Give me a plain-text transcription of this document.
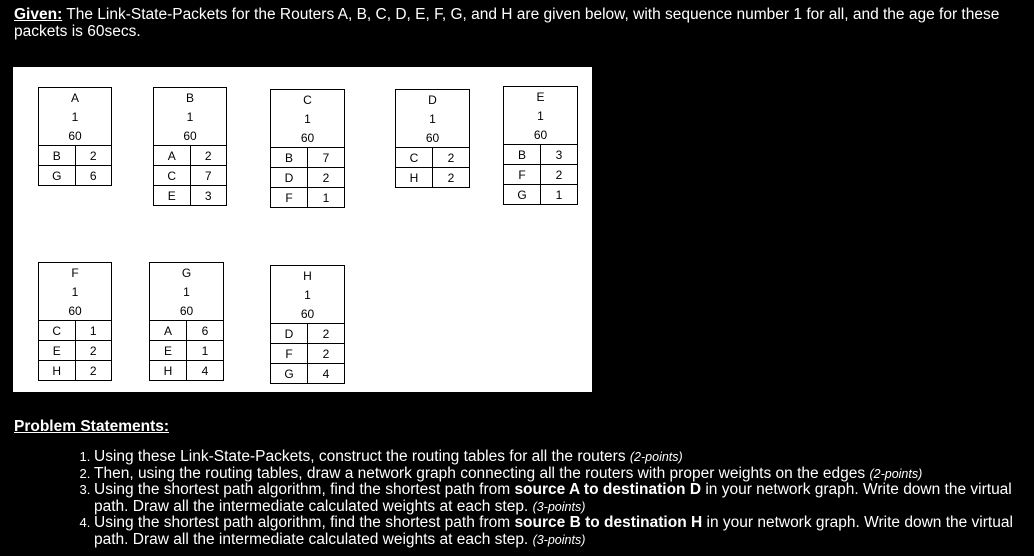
Given: The Link-State-Packets for the Routers A, B, C, D, E, F, G, and H are given below, with sequence number 1 for all, and the age for these packets is 60secs.
A	
1	
60	
B	2
G	6
B	
1	
60	
A	2
C	7
E	3
C	
1	
60	
B	7
D	2
F	1
D	
1	
60	
C	2
H	2
E	
1	
60	
B	3
F	2
G	1
F	
1	
60	
C	1
E	2
H	2
G	
1	
60	
A	6
E	1
H	4
H	
1	
60	
D	2
F	2
G	4
Problem Statements:
1. Using these Link-State-Packets, construct the routing tables for all the routers (2-points)
2. Then, using the routing tables, draw a network graph connecting all the routers with proper weights on the edges (2-points)
3. Using the shortest path algorithm, find the shortest path from source A to destination D in your network graph. Write down the virtual path. Draw all the intermediate calculated weights at each step. (3-points)
4. Using the shortest path algorithm, find the shortest path from source B to destination H in your network graph. Write down the virtual path. Draw all the intermediate calculated weights at each step. (3-points)
